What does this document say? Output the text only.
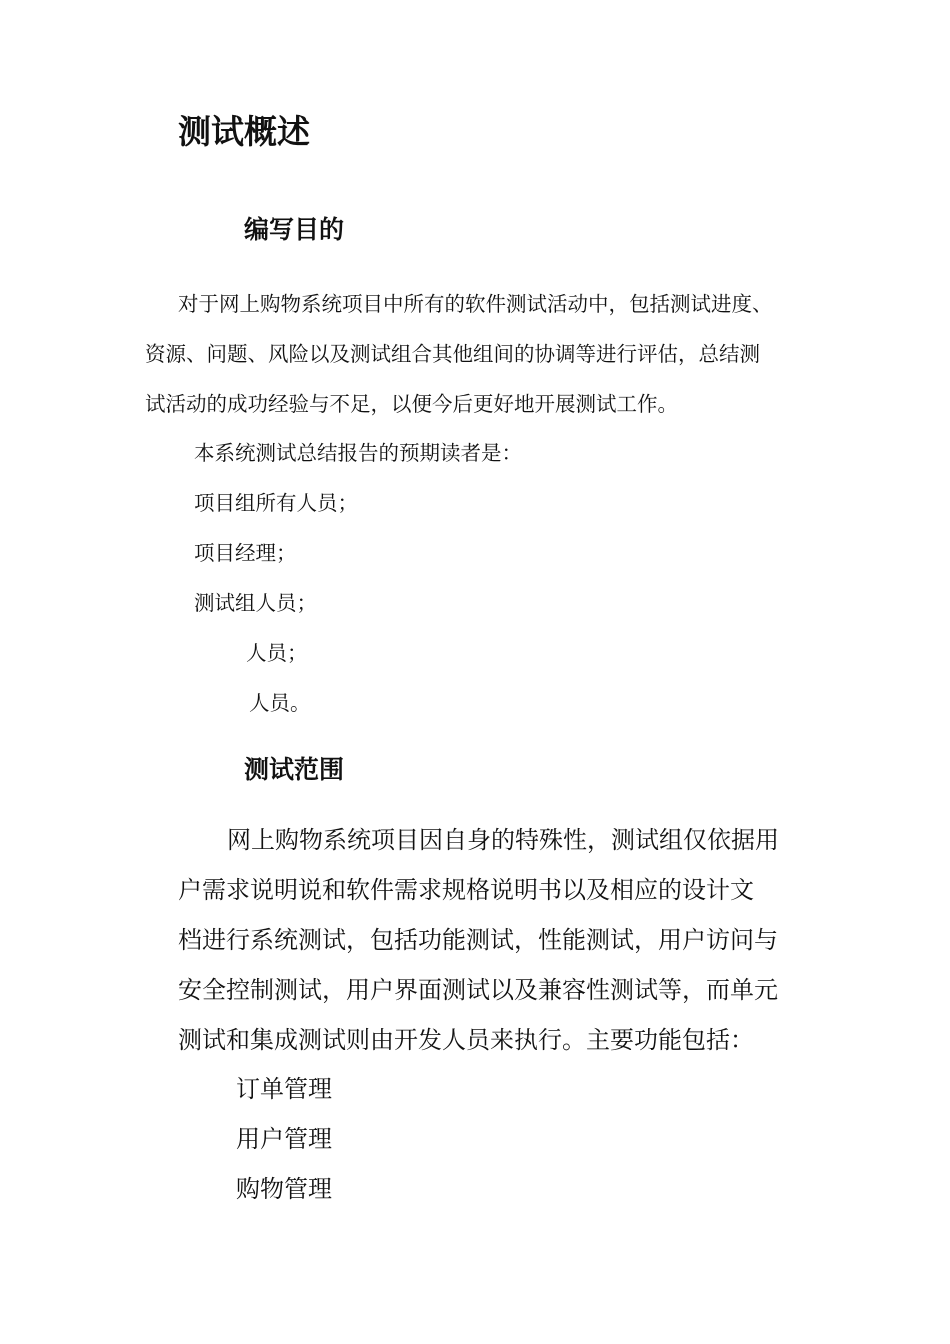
测试概述
编写目的

对于网上购物系统项目中所有的软件测试活动中，包括测试进度、

资源、问题、风险以及测试组合其他组间的协调等进行评估，总结测

试活动的成功经验与不足，以便今后更好地开展测试工作。

本系统测试总结报告的预期读者是：

项目组所有人员；

项目经理；

测试组人员；

人员；

人员。

测试范围

网上购物系统项目因自身的特殊性，测试组仅依据用

户需求说明说和软件需求规格说明书以及相应的设计文

档进行系统测试，包括功能测试，性能测试，用户访问与

安全控制测试，用户界面测试以及兼容性测试等，而单元

测试和集成测试则由开发人员来执行。主要功能包括：

订单管理

用户管理

购物管理
